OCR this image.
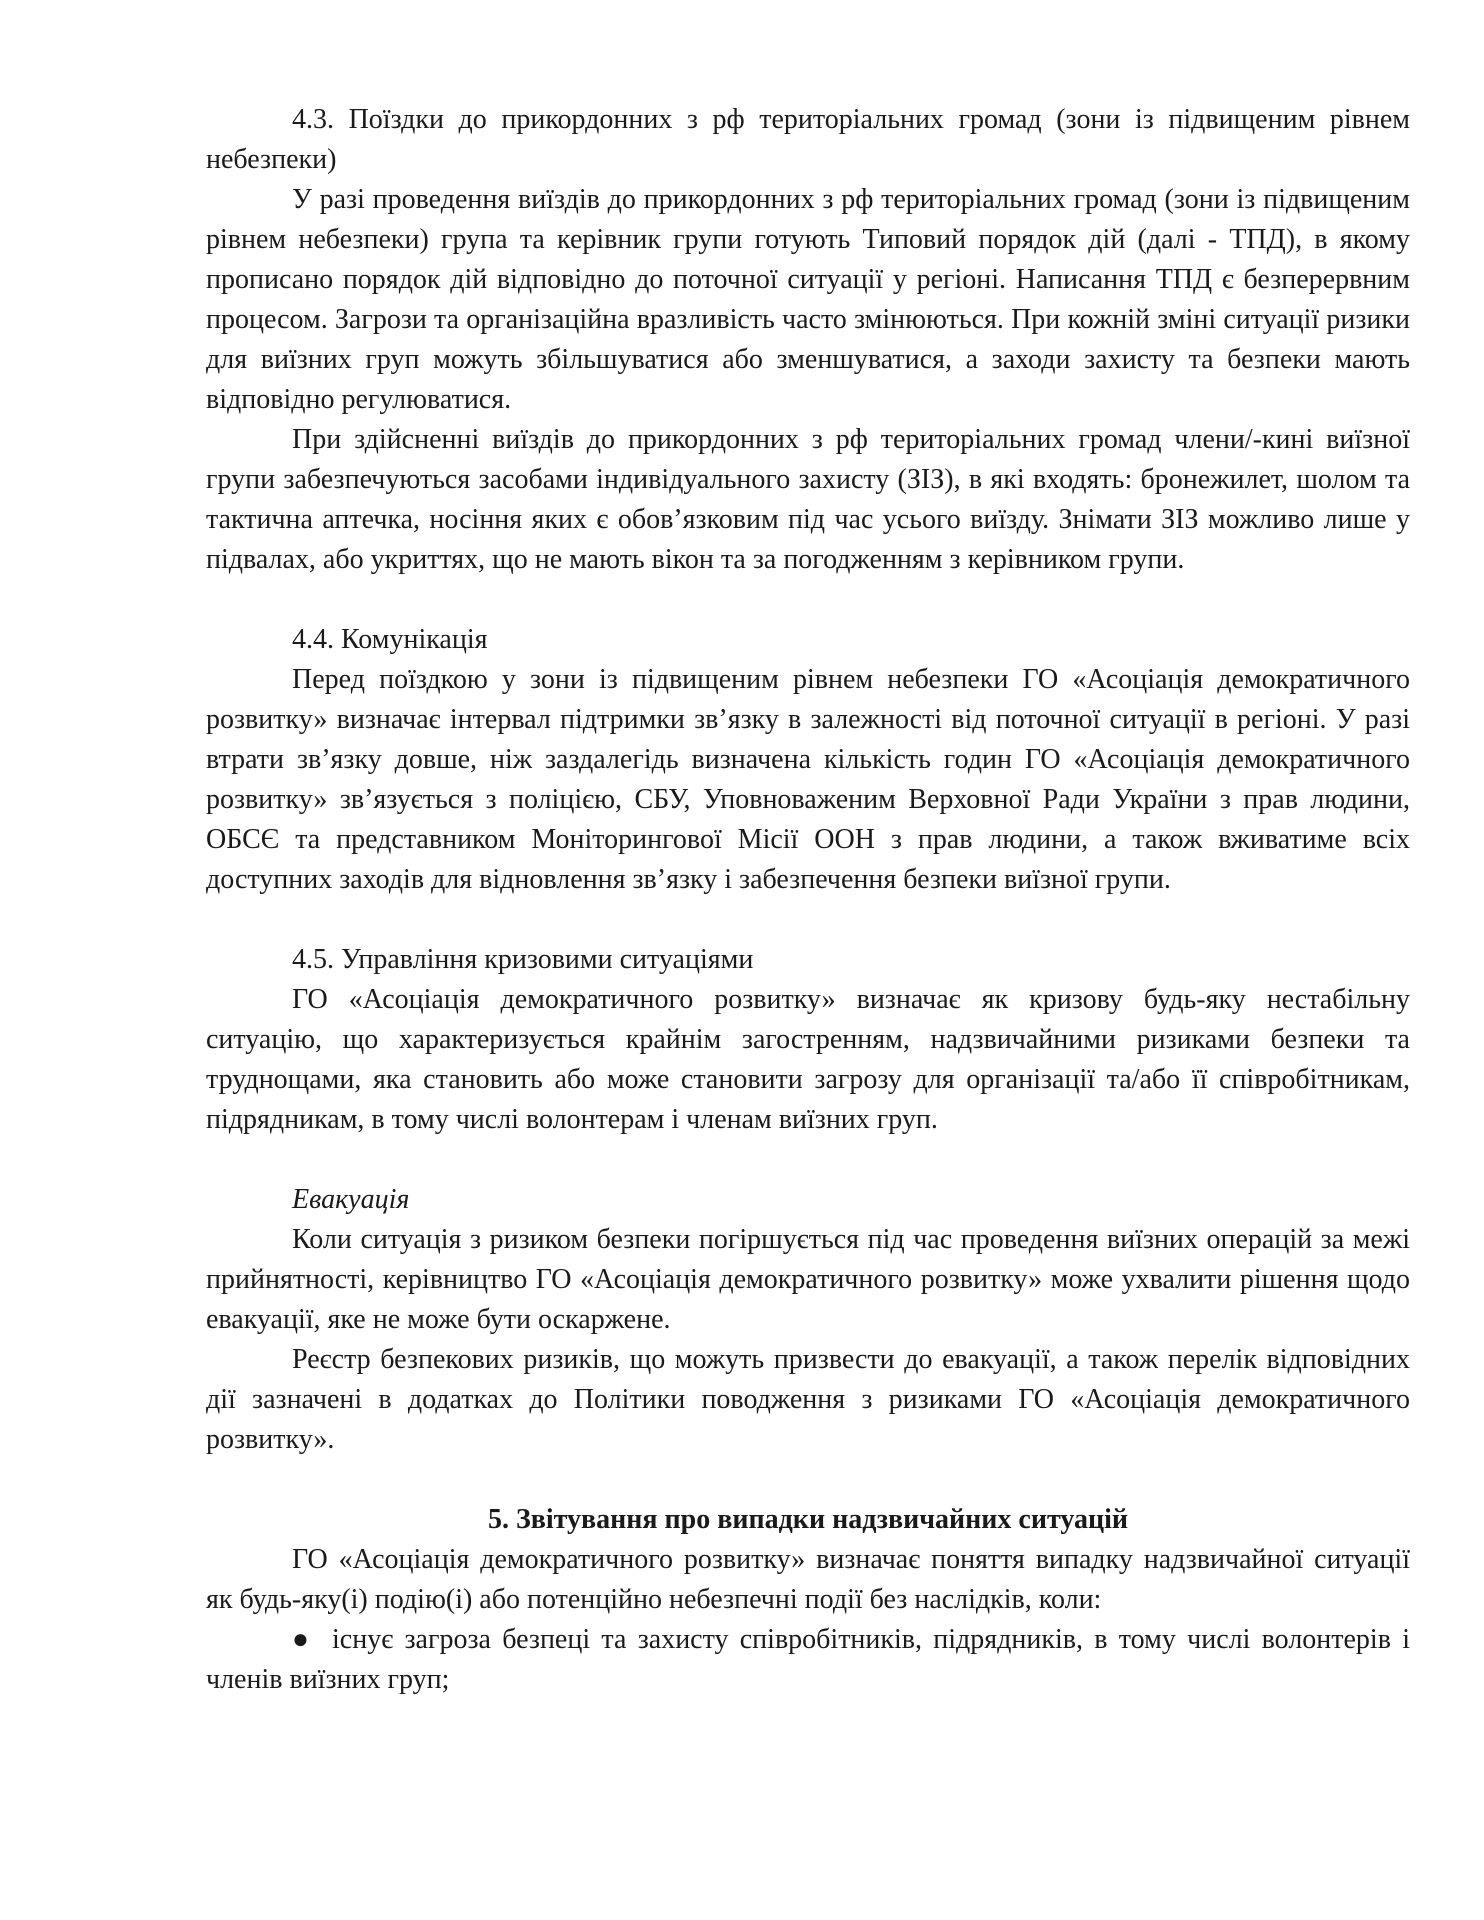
4.3. Поїздки до прикордонних з рф територіальних громад (зони із підвищеним рівнем небезпеки)

У разі проведення виїздів до прикордонних з рф територіальних громад (зони із підвищеним рівнем небезпеки) група та керівник групи готують Типовий порядок дій (далі - ТПД), в якому прописано порядок дій відповідно до поточної ситуації у регіоні. Написання ТПД є безперервним процесом. Загрози та організаційна вразливість часто змінюються. При кожній зміні ситуації ризики для виїзних груп можуть збільшуватися або зменшуватися, а заходи захисту та безпеки мають відповідно регулюватися.

При здійсненні виїздів до прикордонних з рф територіальних громад члени/-кині виїзної групи забезпечуються засобами індивідуального захисту (ЗІЗ), в які входять: бронежилет, шолом та тактична аптечка, носіння яких є обов’язковим під час усього виїзду. Знімати ЗІЗ можливо лише у підвалах, або укриттях, що не мають вікон та за погодженням з керівником групи.

4.4. Комунікація

Перед поїздкою у зони із підвищеним рівнем небезпеки ГО «Асоціація демократичного розвитку» визначає інтервал підтримки зв’язку в залежності від поточної ситуації в регіоні. У разі втрати зв’язку довше, ніж заздалегідь визначена кількість годин ГО «Асоціація демократичного розвитку» зв’язується з поліцією, СБУ, Уповноваженим Верховної Ради України з прав людини, ОБСЄ та представником Моніторингової Місії ООН з прав людини, а також вживатиме всіх доступних заходів для відновлення зв’язку і забезпечення безпеки виїзної групи.

4.5. Управління кризовими ситуаціями

ГО «Асоціація демократичного розвитку» визначає як кризову будь-яку нестабільну ситуацію, що характеризується крайнім загостренням, надзвичайними ризиками безпеки та труднощами, яка становить або може становити загрозу для організації та/або її співробітникам, підрядникам, в тому числі волонтерам і членам виїзних груп.

Евакуація

Коли ситуація з ризиком безпеки погіршується під час проведення виїзних операцій за межі прийнятності, керівництво ГО «Асоціація демократичного розвитку» може ухвалити рішення щодо евакуації, яке не може бути оскаржене.

Реєстр безпекових ризиків, що можуть призвести до евакуації, а також перелік відповідних дії зазначені в додатках до Політики поводження з ризиками ГО «Асоціація демократичного розвитку».

5. Звітування про випадки надзвичайних ситуацій

ГО «Асоціація демократичного розвитку» визначає поняття випадку надзвичайної ситуації як будь-яку(і) подію(і) або потенційно небезпечні події без наслідків, коли:

● існує загроза безпеці та захисту співробітників, підрядників, в тому числі волонтерів і членів виїзних груп;
